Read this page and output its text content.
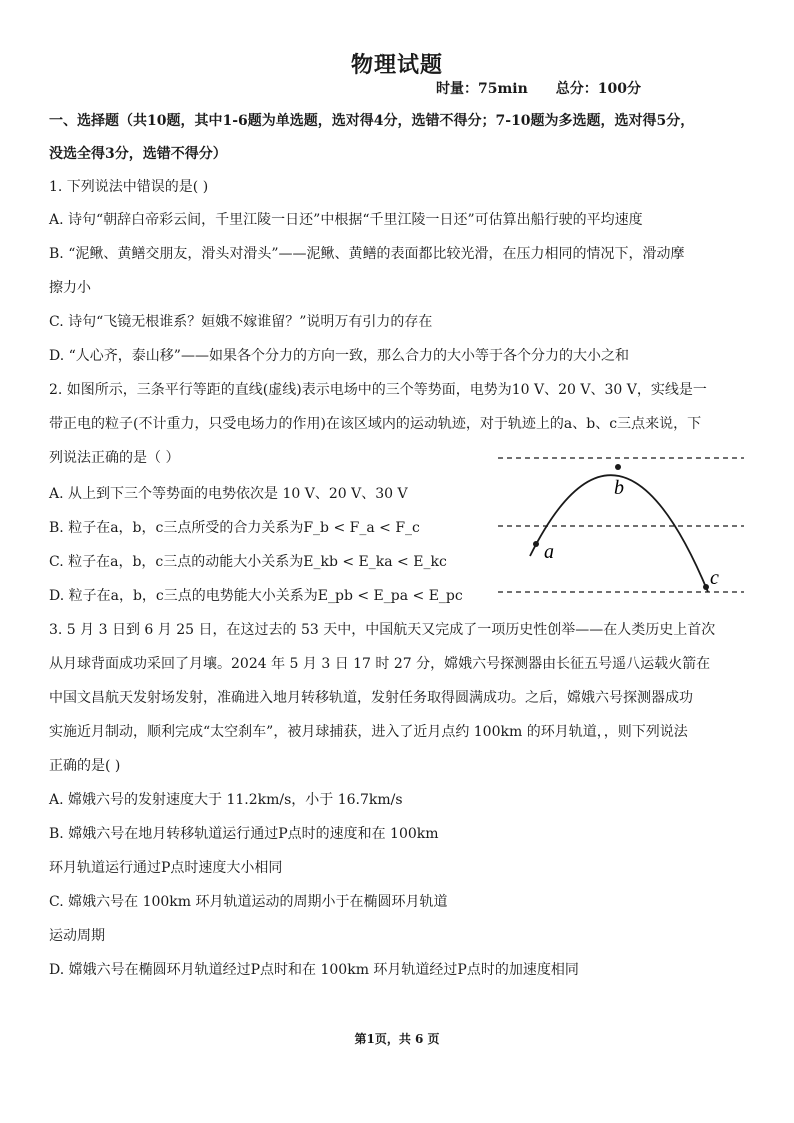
物理试题
时量：75min 总分：100分
一、选择题（共10题，其中1-6题为单选题，选对得4分，选错不得分；7-10题为多选题，选对得5分，
没选全得3分，选错不得分）
1. 下列说法中错误的是( )
A. 诗句“朝辞白帝彩云间，千里江陵一日还”中根据“千里江陵一日还”可估算出船行驶的平均速度
B. “泥鳅、黄鳝交朋友，滑头对滑头”——泥鳅、黄鳝的表面都比较光滑，在压力相同的情况下，滑动摩
擦力小
C. 诗句“飞镜无根谁系？姮娥不嫁谁留？”说明万有引力的存在
D. “人心齐，泰山移”——如果各个分力的方向一致，那么合力的大小等于各个分力的大小之和
2. 如图所示，三条平行等距的直线(虚线)表示电场中的三个等势面，电势为10 V、20 V、30 V，实线是一
带正电的粒子(不计重力，只受电场力的作用)在该区域内的运动轨迹，对于轨迹上的a、b、c三点来说，下
列说法正确的是（ ）
A. 从上到下三个等势面的电势依次是 10 V、20 V、30 V
B. 粒子在a，b，c三点所受的合力关系为F_b < F_a < F_c
C. 粒子在a，b，c三点的动能大小关系为E_kb < E_ka < E_kc
D. 粒子在a，b，c三点的电势能大小关系为E_pb < E_pa < E_pc
a
b
c
3. 5 月 3 日到 6 月 25 日，在这过去的 53 天中，中国航天又完成了一项历史性创举——在人类历史上首次
从月球背面成功采回了月壤。2024 年 5 月 3 日 17 时 27 分，嫦娥六号探测器由长征五号遥八运载火箭在
中国文昌航天发射场发射，准确进入地月转移轨道，发射任务取得圆满成功。之后，嫦娥六号探测器成功
实施近月制动，顺利完成“太空刹车”，被月球捕获，进入了近月点约 100km 的环月轨道，，则下列说法
正确的是( )
A. 嫦娥六号的发射速度大于 11.2km/s，小于 16.7km/s
B. 嫦娥六号在地月转移轨道运行通过P点时的速度和在 100km
环月轨道运行通过P点时速度大小相同
C. 嫦娥六号在 100km 环月轨道运动的周期小于在椭圆环月轨道
运动周期
D. 嫦娥六号在椭圆环月轨道经过P点时和在 100km 环月轨道经过P点时的加速度相同
第1页，共 6 页
